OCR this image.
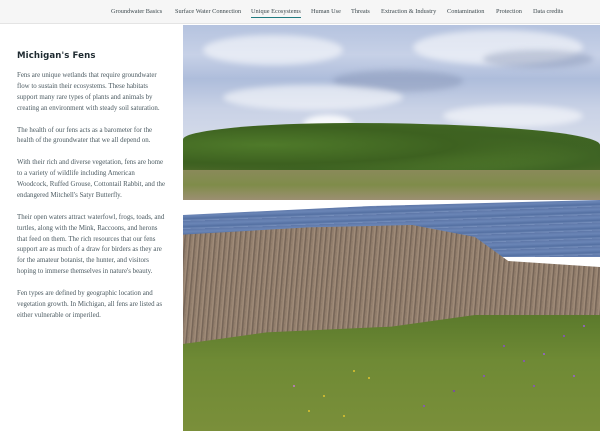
Groundwater Basics Surface Water Connection Unique Ecosystems Human Use Threats Extraction & Industry Contamination Protection Data credits
Michigan's Fens

Fens are unique wetlands that require groundwater flow to sustain their ecosystems. These habitats support many rare types of plants and animals by creating an environment with steady soil saturation.

The health of our fens acts as a barometer for the health of the groundwater that we all depend on.

With their rich and diverse vegetation, fens are home to a variety of wildlife including American Woodcock, Ruffed Grouse, Cottontail Rabbit, and the endangered Mitchell's Satyr Butterfly.

Their open waters attract waterfowl, frogs, toads, and turtles, along with the Mink, Raccoons, and herons that feed on them. The rich resources that our fens support are as much of a draw for birders as they are for the amateur botanist, the hunter, and visitors hoping to immerse themselves in nature's beauty.

Fen types are defined by geographic location and vegetation growth. In Michigan, all fens are listed as either vulnerable or imperiled.
